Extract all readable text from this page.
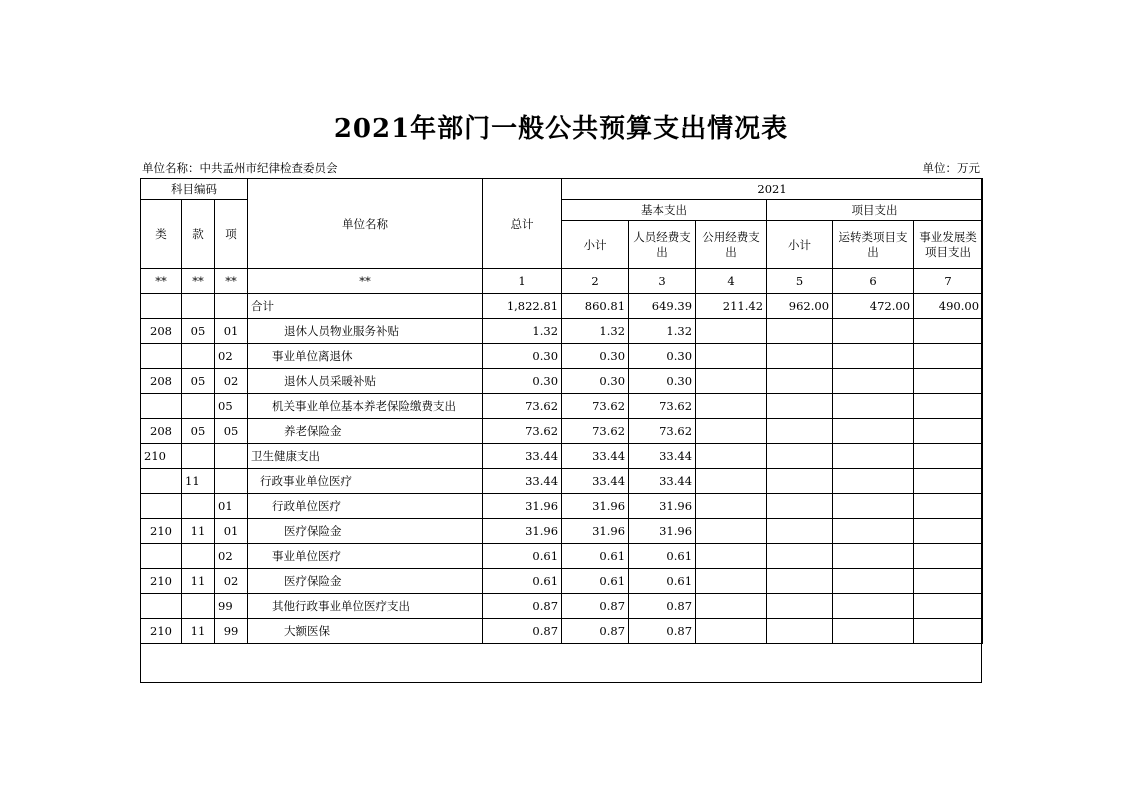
2021年部门一般公共预算支出情况表
单位名称：中共孟州市纪律检查委员会	单位：万元
科目编码			单位名称	总计	2021					
类	款	项			基本支出			项目支出		
					小计	人员经费支出	公用经费支出	小计	运转类项目支出	事业发展类项目支出
**	**	**	**	1	2	3	4	5	6	7
			合计	1,822.81	860.81	649.39	211.42	962.00	472.00	490.00
208	05	01	退休人员物业服务补贴	1.32	1.32	1.32				
		02	事业单位离退休	0.30	0.30	0.30				
208	05	02	退休人员采暖补贴	0.30	0.30	0.30				
		05	机关事业单位基本养老保险缴费支出	73.62	73.62	73.62				
208	05	05	养老保险金	73.62	73.62	73.62				
210			卫生健康支出	33.44	33.44	33.44				
	11		行政事业单位医疗	33.44	33.44	33.44				
		01	行政单位医疗	31.96	31.96	31.96				
210	11	01	医疗保险金	31.96	31.96	31.96				
		02	事业单位医疗	0.61	0.61	0.61				
210	11	02	医疗保险金	0.61	0.61	0.61				
		99	其他行政事业单位医疗支出	0.87	0.87	0.87				
210	11	99	大额医保	0.87	0.87	0.87				
